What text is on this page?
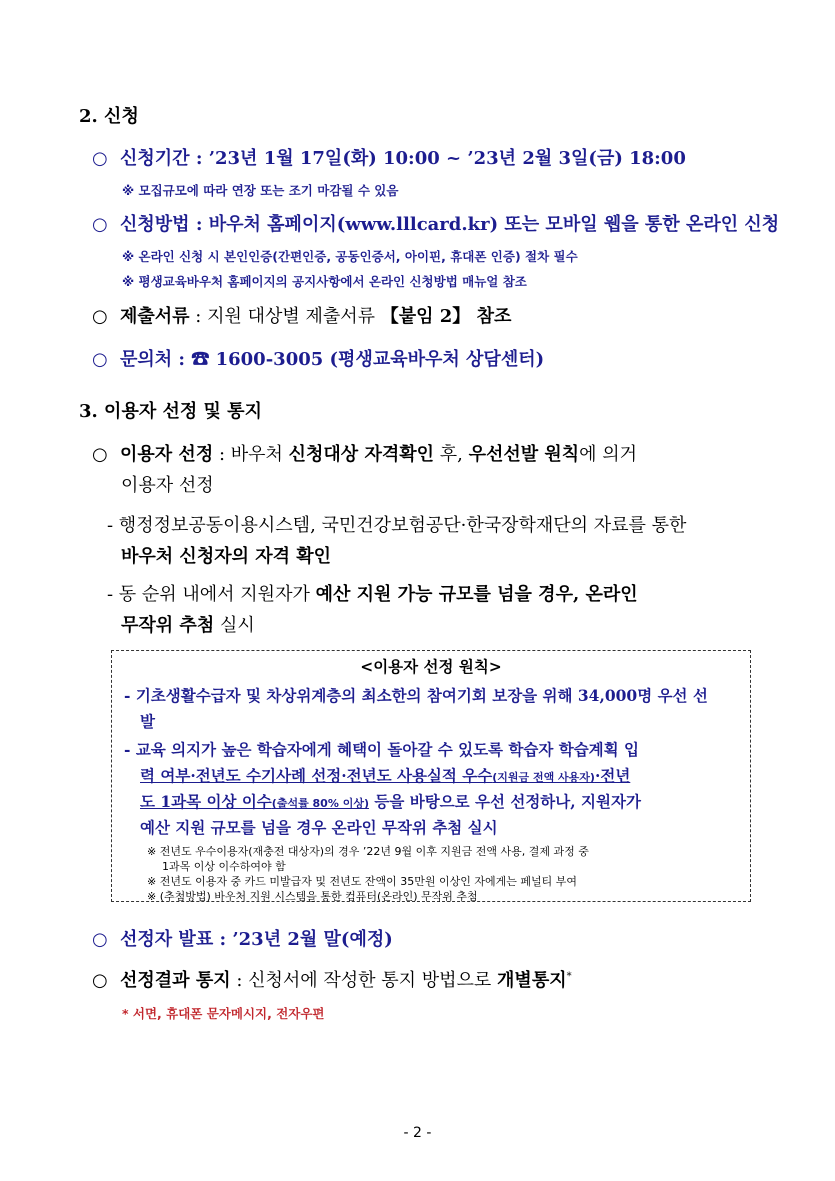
2. 신청
○ 신청기간 : ’23년 1월 17일(화) 10:00 ~ ’23년 2월 3일(금) 18:00
※ 모집규모에 따라 연장 또는 조기 마감될 수 있음
○ 신청방법 : 바우처 홈페이지(www.lllcard.kr) 또는 모바일 웹을 통한 온라인 신청
※ 온라인 신청 시 본인인증(간편인증, 공동인증서, 아이핀, 휴대폰 인증) 절차 필수
※ 평생교육바우처 홈페이지의 공지사항에서 온라인 신청방법 매뉴얼 참조
○ 제출서류 : 지원 대상별 제출서류 【붙임 2】 참조
○ 문의처 : ☎ 1600-3005 (평생교육바우처 상담센터)
3. 이용자 선정 및 통지
○ 이용자 선정 : 바우처 신청대상 자격확인 후, 우선선발 원칙에 의거
이용자 선정
- 행정정보공동이용시스템, 국민건강보험공단·한국장학재단의 자료를 통한
바우처 신청자의 자격 확인
- 동 순위 내에서 지원자가 예산 지원 가능 규모를 넘을 경우, 온라인
무작위 추첨 실시
<이용자 선정 원칙>
- 기초생활수급자 및 차상위계층의 최소한의 참여기회 보장을 위해 34,000명 우선 선
발
- 교육 의지가 높은 학습자에게 혜택이 돌아갈 수 있도록 학습자 학습계획 입
력 여부·전년도 수기사례 선정·전년도 사용실적 우수(지원금 전액 사용자)·전년
도 1과목 이상 이수(출석률 80% 이상) 등을 바탕으로 우선 선정하나, 지원자가
예산 지원 규모를 넘을 경우 온라인 무작위 추첨 실시
※ 전년도 우수이용자(재충전 대상자)의 경우 ’22년 9월 이후 지원금 전액 사용, 결제 과정 중
1과목 이상 이수하여야 함
※ 전년도 이용자 중 카드 미발급자 및 전년도 잔액이 35만원 이상인 자에게는 페널티 부여
※ (추첨방법) 바우처 지원 시스템을 통한 컴퓨터(온라인) 무작위 추첨
○ 선정자 발표 : ’23년 2월 말(예정)
○ 선정결과 통지 : 신청서에 작성한 통지 방법으로 개별통지*
* 서면, 휴대폰 문자메시지, 전자우편
- 2 -
